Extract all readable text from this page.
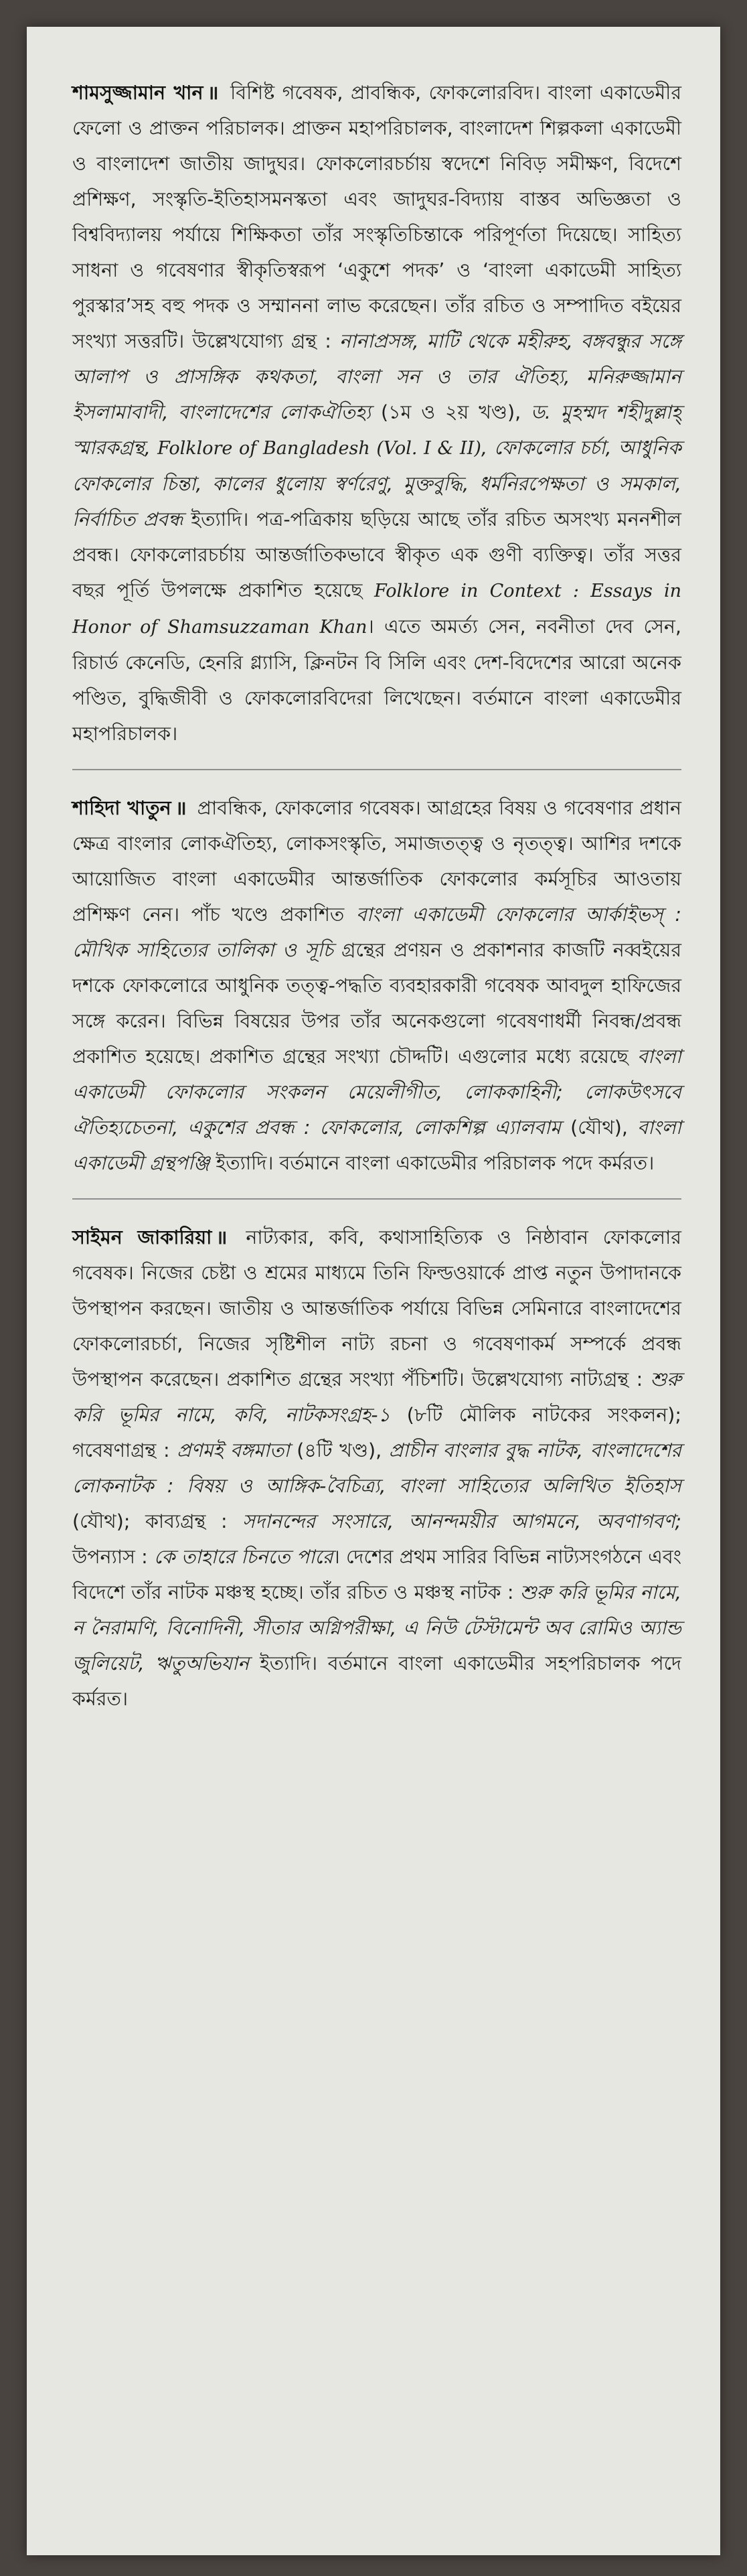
শামসুজ্জামান খান ॥ বিশিষ্ট গবেষক, প্রাবন্ধিক, ফোকলোরবিদ। বাংলা একাডেমীর ফেলো ও প্রাক্তন পরিচালক। প্রাক্তন মহাপরিচালক, বাংলাদেশ শিল্পকলা একাডেমী ও বাংলাদেশ জাতীয় জাদুঘর। ফোকলোরচর্চায় স্বদেশে নিবিড় সমীক্ষণ, বিদেশে প্রশিক্ষণ, সংস্কৃতি-ইতিহাসমনস্কতা এবং জাদুঘর-বিদ্যায় বাস্তব অভিজ্ঞতা ও বিশ্ববিদ্যালয় পর্যায়ে শিক্ষিকতা তাঁর সংস্কৃতিচিন্তাকে পরিপূর্ণতা দিয়েছে। সাহিত্য সাধনা ও গবেষণার স্বীকৃতিস্বরূপ ‘একুশে পদক’ ও ‘বাংলা একাডেমী সাহিত্য পুরস্কার’সহ বহু পদক ও সম্মাননা লাভ করেছেন। তাঁর রচিত ও সম্পাদিত বইয়ের সংখ্যা সত্তরটি। উল্লেখযোগ্য গ্রন্থ : নানাপ্রসঙ্গ, মাটি থেকে মহীরুহ, বঙ্গবন্ধুর সঙ্গে আলাপ ও প্রাসঙ্গিক কথকতা, বাংলা সন ও তার ঐতিহ্য, মনিরুজ্জামান ইসলামাবাদী, বাংলাদেশের লোকঐতিহ্য (১ম ও ২য় খণ্ড), ড. মুহম্মদ শহীদুল্লাহ্ স্মারকগ্রন্থ, Folklore of Bangladesh (Vol. I & II), ফোকলোর চর্চা, আধুনিক ফোকলোর চিন্তা, কালের ধুলোয় স্বর্ণরেণু, মুক্তবুদ্ধি, ধর্মনিরপেক্ষতা ও সমকাল, নির্বাচিত প্রবন্ধ ইত্যাদি। পত্র-পত্রিকায় ছড়িয়ে আছে তাঁর রচিত অসংখ্য মননশীল প্রবন্ধ। ফোকলোরচর্চায় আন্তর্জাতিকভাবে স্বীকৃত এক গুণী ব্যক্তিত্ব। তাঁর সত্তর বছর পূর্তি উপলক্ষে প্রকাশিত হয়েছে Folklore in Context : Essays in Honor of Shamsuzzaman Khan। এতে অমর্ত্য সেন, নবনীতা দেব সেন, রিচার্ড কেনেডি, হেনরি গ্ল্যাসি, ক্লিনটন বি সিলি এবং দেশ-বিদেশের আরো অনেক পণ্ডিত, বুদ্ধিজীবী ও ফোকলোরবিদেরা লিখেছেন। বর্তমানে বাংলা একাডেমীর মহাপরিচালক।

শাহিদা খাতুন ॥ প্রাবন্ধিক, ফোকলোর গবেষক। আগ্রহের বিষয় ও গবেষণার প্রধান ক্ষেত্র বাংলার লোকঐতিহ্য, লোকসংস্কৃতি, সমাজতত্ত্ব ও নৃতত্ত্ব। আশির দশকে আয়োজিত বাংলা একাডেমীর আন্তর্জাতিক ফোকলোর কর্মসূচির আওতায় প্রশিক্ষণ নেন। পাঁচ খণ্ডে প্রকাশিত বাংলা একাডেমী ফোকলোর আর্কাইভস্ : মৌখিক সাহিত্যের তালিকা ও সূচি গ্রন্থের প্রণয়ন ও প্রকাশনার কাজটি নব্বইয়ের দশকে ফোকলোরে আধুনিক তত্ত্ব-পদ্ধতি ব্যবহারকারী গবেষক আবদুল হাফিজের সঙ্গে করেন। বিভিন্ন বিষয়ের উপর তাঁর অনেকগুলো গবেষণাধর্মী নিবন্ধ/প্রবন্ধ প্রকাশিত হয়েছে। প্রকাশিত গ্রন্থের সংখ্যা চৌদ্দটি। এগুলোর মধ্যে রয়েছে বাংলা একাডেমী ফোকলোর সংকলন মেয়েলীগীত, লোককাহিনী; লোকউৎসবে ঐতিহ্যচেতনা, একুশের প্রবন্ধ : ফোকলোর, লোকশিল্প এ্যালবাম (যৌথ), বাংলা একাডেমী গ্রন্থপঞ্জি ইত্যাদি। বর্তমানে বাংলা একাডেমীর পরিচালক পদে কর্মরত।

সাইমন জাকারিয়া ॥ নাট্যকার, কবি, কথাসাহিত্যিক ও নিষ্ঠাবান ফোকলোর গবেষক। নিজের চেষ্টা ও শ্রমের মাধ্যমে তিনি ফিল্ডওয়ার্কে প্রাপ্ত নতুন উপাদানকে উপস্থাপন করছেন। জাতীয় ও আন্তর্জাতিক পর্যায়ে বিভিন্ন সেমিনারে বাংলাদেশের ফোকলোরচর্চা, নিজের সৃষ্টিশীল নাট্য রচনা ও গবেষণাকর্ম সম্পর্কে প্রবন্ধ উপস্থাপন করেছেন। প্রকাশিত গ্রন্থের সংখ্যা পঁচিশটি। উল্লেখযোগ্য নাট্যগ্রন্থ : শুরু করি ভূমির নামে, কবি, নাটকসংগ্রহ-১ (৮টি মৌলিক নাটকের সংকলন); গবেষণাগ্রন্থ : প্রণমই বঙ্গমাতা (৪টি খণ্ড), প্রাচীন বাংলার বুদ্ধ নাটক, বাংলাদেশের লোকনাটক : বিষয় ও আঙ্গিক-বৈচিত্র্য, বাংলা সাহিত্যের অলিখিত ইতিহাস (যৌথ); কাব্যগ্রন্থ : সদানন্দের সংসারে, আনন্দময়ীর আগমনে, অবণাগবণ; উপন্যাস : কে তাহারে চিনতে পারে। দেশের প্রথম সারির বিভিন্ন নাট্যসংগঠনে এবং বিদেশে তাঁর নাটক মঞ্চস্থ হচ্ছে। তাঁর রচিত ও মঞ্চস্থ নাটক : শুরু করি ভূমির নামে, ন নৈরামণি, বিনোদিনী, সীতার অগ্নিপরীক্ষা, এ নিউ টেস্টামেন্ট অব রোমিও অ্যান্ড জুলিয়েট, ঋতুঅভিযান ইত্যাদি। বর্তমানে বাংলা একাডেমীর সহপরিচালক পদে কর্মরত।
